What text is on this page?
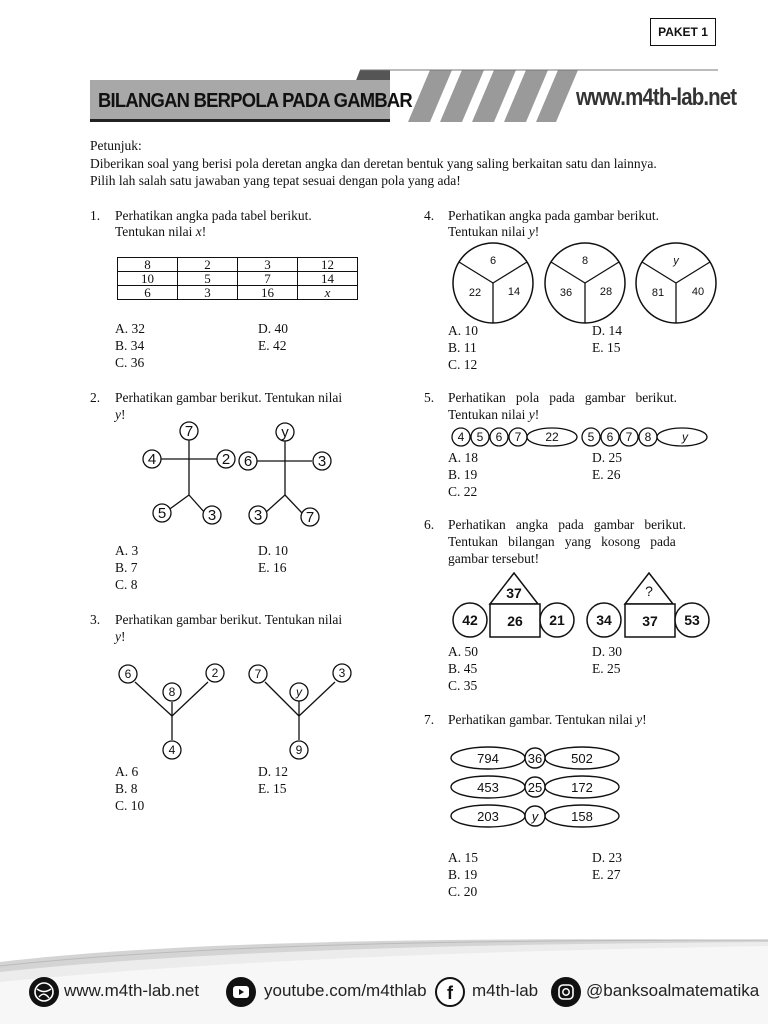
PAKET 1
BILANGAN BERPOLA PADA GAMBAR	www.m4th-lab.net
Petunjuk:
Diberikan soal yang berisi pola deretan angka dan deretan bentuk yang saling berkaitan satu dan lainnya.
Pilih lah salah satu jawaban yang tepat sesuai dengan pola yang ada!
1. Perhatikan angka pada tabel berikut.
Tentukan nilai x!
8	2	3	12
10	5	7	14
6	3	16	x
A. 32
B. 34
C. 36
D. 40
E. 42
2. Perhatikan gambar berikut. Tentukan nilai
y!
7
4	2
5	3
y
6	3
3	7
A. 3
B. 7
C. 8
D. 10
E. 16
3. Perhatikan gambar berikut. Tentukan nilai
y!
6	2
8
4
7	3
y
9
A. 6
B. 8
C. 10
D. 12
E. 15
4. Perhatikan angka pada gambar berikut.
Tentukan nilai y!
6
22 14
8
36	28
y
81	40
A. 10
B. 11
C. 12
D. 14
E. 15
5. Perhatikan   pola   pada   gambar   berikut.
Tentukan nilai y!
4 5 6 7 22 5 6 7 8	y
A. 18
B. 19
C. 22
D. 25
E. 26
6. Perhatikan   angka   pada   gambar   berikut.
Tentukan   bilangan   yang   kosong   pada
gambar tersebut!
37
26
42	21
?
37
34	53
A. 50
B. 45
C. 35
D. 30
E. 25
7. Perhatikan gambar. Tentukan nilai y!
794 36 502
453 25 172
203	y	158
A. 15
B. 19
C. 20
D. 23
E. 27
www.m4th-lab.net	youtube.com/m4thlab f m4th-lab	@banksoalmatematika
